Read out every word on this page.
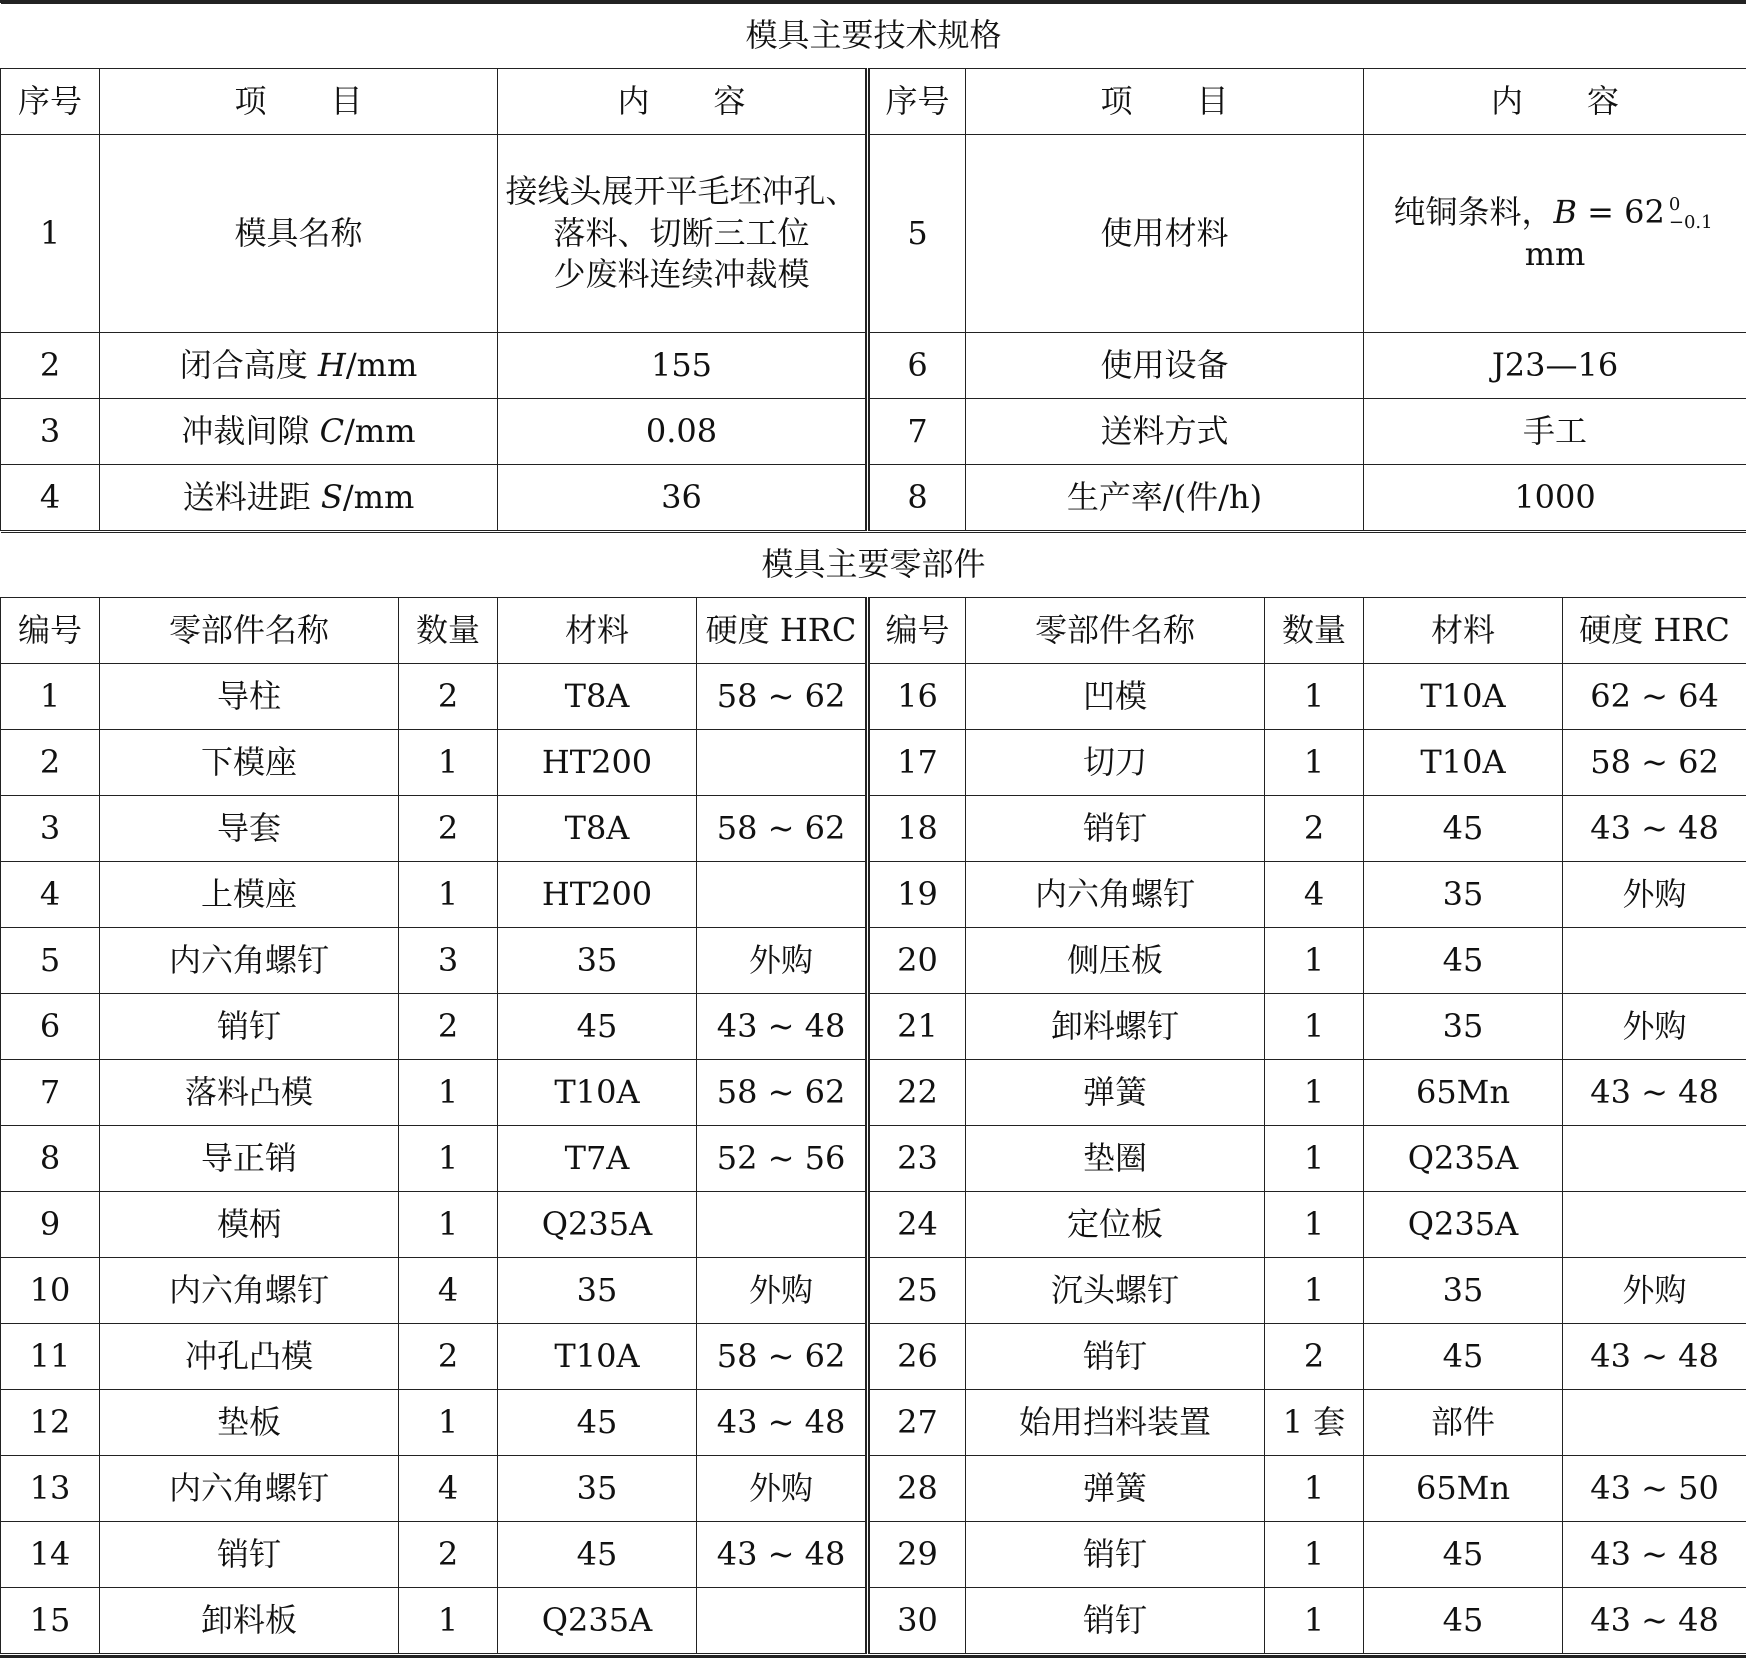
模具主要技术规格					
序号	项　　目	内　　容	序号	项　　目	内　　容
1	模具名称	接线头展开平毛坯冲孔、
落料、切断三工位
少废料连续冲裁模	5	使用材料	纯铜条料，B = 62 0
−0.1
mm
2	闭合高度 H/mm	155	6	使用设备	J23—16
3	冲裁间隙 C/mm	0.08	7	送料方式	手工
4	送料进距 S/mm	36	8	生产率/(件/h)	1000
模具主要零部件									
编号	零部件名称	数量	材料	硬度 HRC	编号	零部件名称	数量	材料	硬度 HRC
1	导柱	2	T8A	58 ~ 62	16	凹模	1	T10A	62 ~ 64
2	下模座	1	HT200		17	切刀	1	T10A	58 ~ 62
3	导套	2	T8A	58 ~ 62	18	销钉	2	45	43 ~ 48
4	上模座	1	HT200		19	内六角螺钉	4	35	外购
5	内六角螺钉	3	35	外购	20	侧压板	1	45	
6	销钉	2	45	43 ~ 48	21	卸料螺钉	1	35	外购
7	落料凸模	1	T10A	58 ~ 62	22	弹簧	1	65Mn	43 ~ 48
8	导正销	1	T7A	52 ~ 56	23	垫圈	1	Q235A	
9	模柄	1	Q235A		24	定位板	1	Q235A	
10	内六角螺钉	4	35	外购	25	沉头螺钉	1	35	外购
11	冲孔凸模	2	T10A	58 ~ 62	26	销钉	2	45	43 ~ 48
12	垫板	1	45	43 ~ 48	27	始用挡料装置	1 套	部件	
13	内六角螺钉	4	35	外购	28	弹簧	1	65Mn	43 ~ 50
14	销钉	2	45	43 ~ 48	29	销钉	1	45	43 ~ 48
15	卸料板	1	Q235A		30	销钉	1	45	43 ~ 48
